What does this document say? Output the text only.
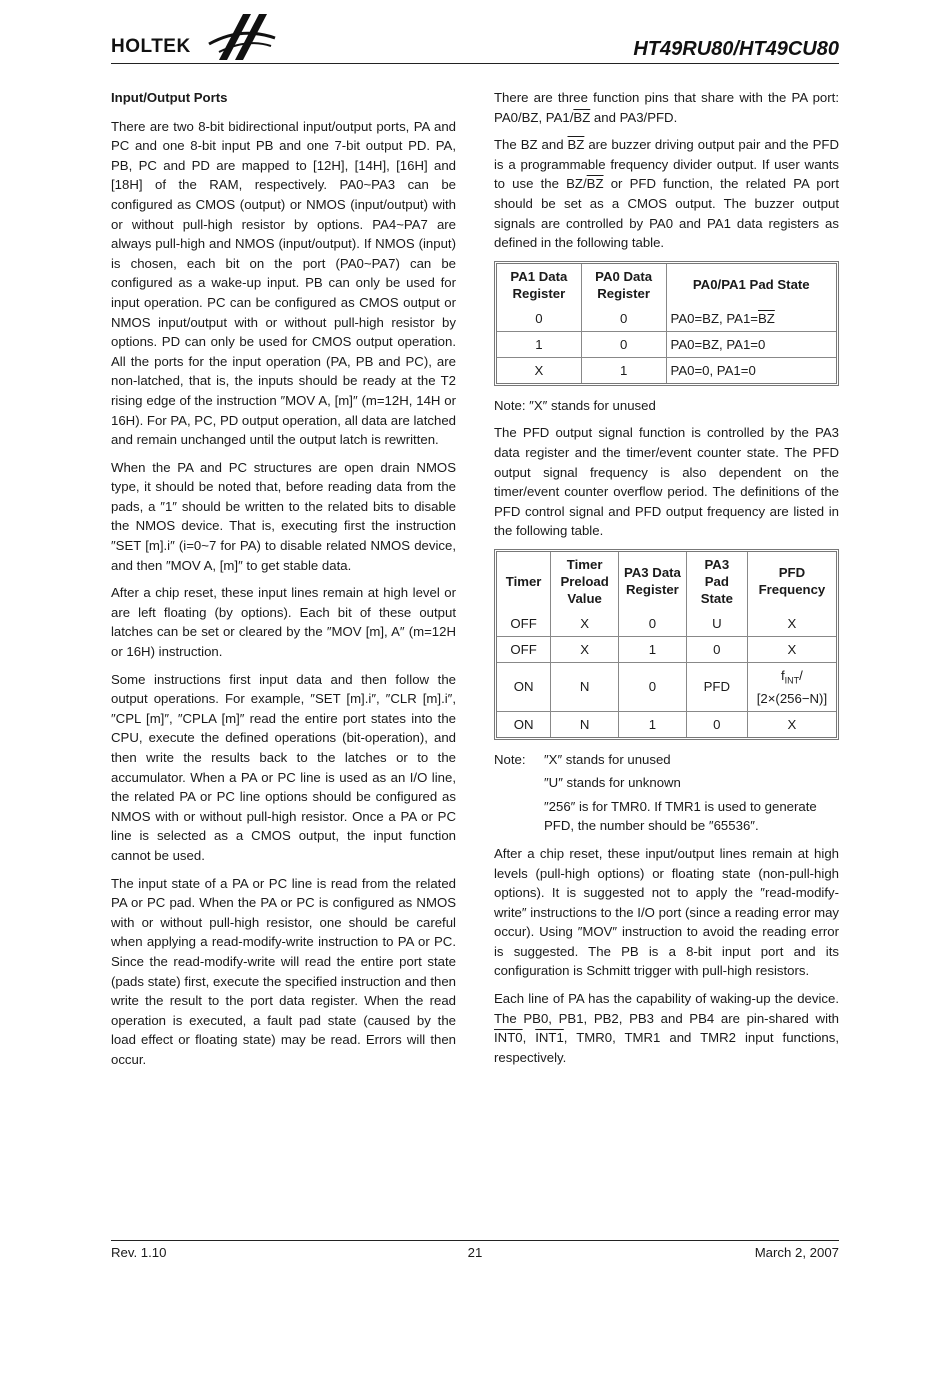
HOLTEK	HT49RU80/HT49CU80
Input/Output Ports

There are two 8-bit bidirectional input/output ports, PA and PC and one 8-bit input PB and one 7-bit output PD. PA, PB, PC and PD are mapped to [12H], [14H], [16H] and [18H] of the RAM, respectively. PA0~PA3 can be configured as CMOS (output) or NMOS (input/output) with or without pull-high resistor by options. PA4~PA7 are always pull-high and NMOS (input/output). If NMOS (input) is chosen, each bit on the port (PA0~PA7) can be configured as a wake-up input. PB can only be used for input operation. PC can be configured as CMOS output or NMOS input/output with or without pull-high resistor by options. PD can only be used for CMOS output operation. All the ports for the input operation (PA, PB and PC), are non-latched, that is, the inputs should be ready at the T2 rising edge of the instruction ″MOV A, [m]″ (m=12H, 14H or 16H). For PA, PC, PD output operation, all data are latched and remain unchanged until the output latch is rewritten.

When the PA and PC structures are open drain NMOS type, it should be noted that, before reading data from the pads, a ″1″ should be written to the related bits to disable the NMOS device. That is, executing first the instruction ″SET [m].i″ (i=0~7 for PA) to disable related NMOS device, and then ″MOV A, [m]″ to get stable data.

After a chip reset, these input lines remain at high level or are left floating (by options). Each bit of these output latches can be set or cleared by the ″MOV [m], A″ (m=12H or 16H) instruction.

Some instructions first input data and then follow the output operations. For example, ″SET [m].i″, ″CLR [m].i″, ″CPL [m]″, ″CPLA [m]″ read the entire port states into the CPU, execute the defined operations (bit-operation), and then write the results back to the latches or to the accumulator. When a PA or PC line is used as an I/O line, the related PA or PC line options should be configured as NMOS with or without pull-high resistor. Once a PA or PC line is selected as a CMOS output, the input function cannot be used.

The input state of a PA or PC line is read from the related PA or PC pad. When the PA or PC is configured as NMOS with or without pull-high resistor, one should be careful when applying a read-modify-write instruction to PA or PC. Since the read-modify-write will read the entire port state (pads state) first, execute the specified instruction and then write the result to the port data register. When the read operation is executed, a fault pad state (caused by the load effect or floating state) may be read. Errors will then occur.

There are three function pins that share with the PA port: PA0/BZ, $PA1/\overline{BZ}$ and PA3/PFD.

The BZ and $\overline{BZ}$ are buzzer driving output pair and the PFD is a programmable frequency divider output. If user wants to use the $BZ/\overline{BZ}$ or PFD function, the related PA port should be set as a CMOS output. The buzzer output signals are controlled by PA0 and PA1 data registers as defined in the following table.

PA1 Data Register	PA0 Data Register	PA0/PA1 Pad State
0	0	PA0=BZ, $PA1=\overline{BZ}$
1	0	PA0=BZ, PA1=0
X	1	PA0=0, PA1=0

Note: ″X″ stands for unused

The PFD output signal function is controlled by the PA3 data register and the timer/event counter state. The PFD output signal frequency is also dependent on the timer/event counter overflow period. The definitions of the PFD control signal and PFD output frequency are listed in the following table.

Timer	Timer Preload Value	PA3 Data Register	PA3 Pad State	PFD Frequency
OFF	X	0	U	X
OFF	X	1	0	X
ON	N	0	PFD	$f_{INT}/$
[2×(256−N)]
ON	N	1	0	X
Note:	″X″ stands for unused
″U″ stands for unknown
″256″ is for TMR0. If TMR1 is used to generate PFD, the number should be ″65536″.

After a chip reset, these input/output lines remain at high levels (pull-high options) or floating state (non-pull-high options). It is suggested not to apply the ″read-modify-write″ instructions to the I/O port (since a reading error may occur). Using ″MOV″ instruction to avoid the reading error is suggested. The PB is a 8-bit input port and its configuration is Schmitt trigger with pull-high resistors.

Each line of PA has the capability of waking-up the device. The PB0, PB1, PB2, PB3 and PB4 are pin-shared with INT0, INT1, TMR0, TMR1 and TMR2 input functions, respectively.

Rev. 1.10	21	March 2, 2007
